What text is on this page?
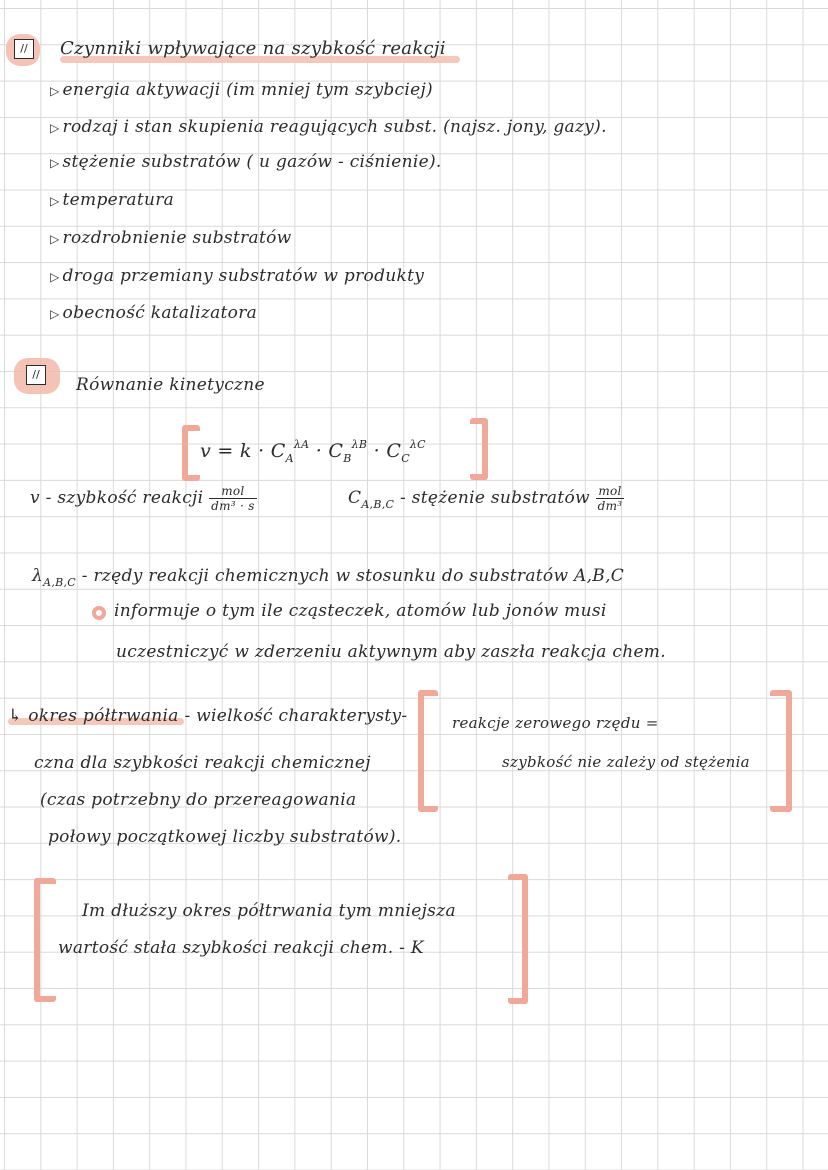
//	Czynniki wpływające na szybkość reakcji
▷ energia aktywacji (im mniej tym szybciej)
▷ rodzaj i stan skupienia reagujących subst. (najsz. jony, gazy).
▷ stężenie substratów ( u gazów - ciśnienie).
▷ temperatura
▷ rozdrobnienie substratów
▷ droga przemiany substratów w produkty
▷ obecność katalizatora
//
Równanie kinetyczne
$v = k \cdot C_A^{\lambda A} \cdot C_B^{\lambda B} \cdot C_C^{\lambda C}$
v - szybkość reakcji $\frac{\text{mol}}{\text{dm³ · s}}$	$C_{A,B,C}$ - stężenie substratów $\frac{\text{mol}}{\text{dm³}}$
$\lambda_{A,B,C}$ - rzędy reakcji chemicznych w stosunku do substratów A,B,C
informuje o tym ile cząsteczek, atomów lub jonów musi
uczestniczyć w zderzeniu aktywnym aby zaszła reakcja chem.
↳ okres półtrwania - wielkość charakterysty-
czna dla szybkości reakcji chemicznej
(czas potrzebny do przereagowania
połowy początkowej liczby substratów).
reakcje zerowego rzędu =
szybkość nie zależy od stężenia
Im dłuższy okres półtrwania tym mniejsza
wartość stała szybkości reakcji chem. - K
